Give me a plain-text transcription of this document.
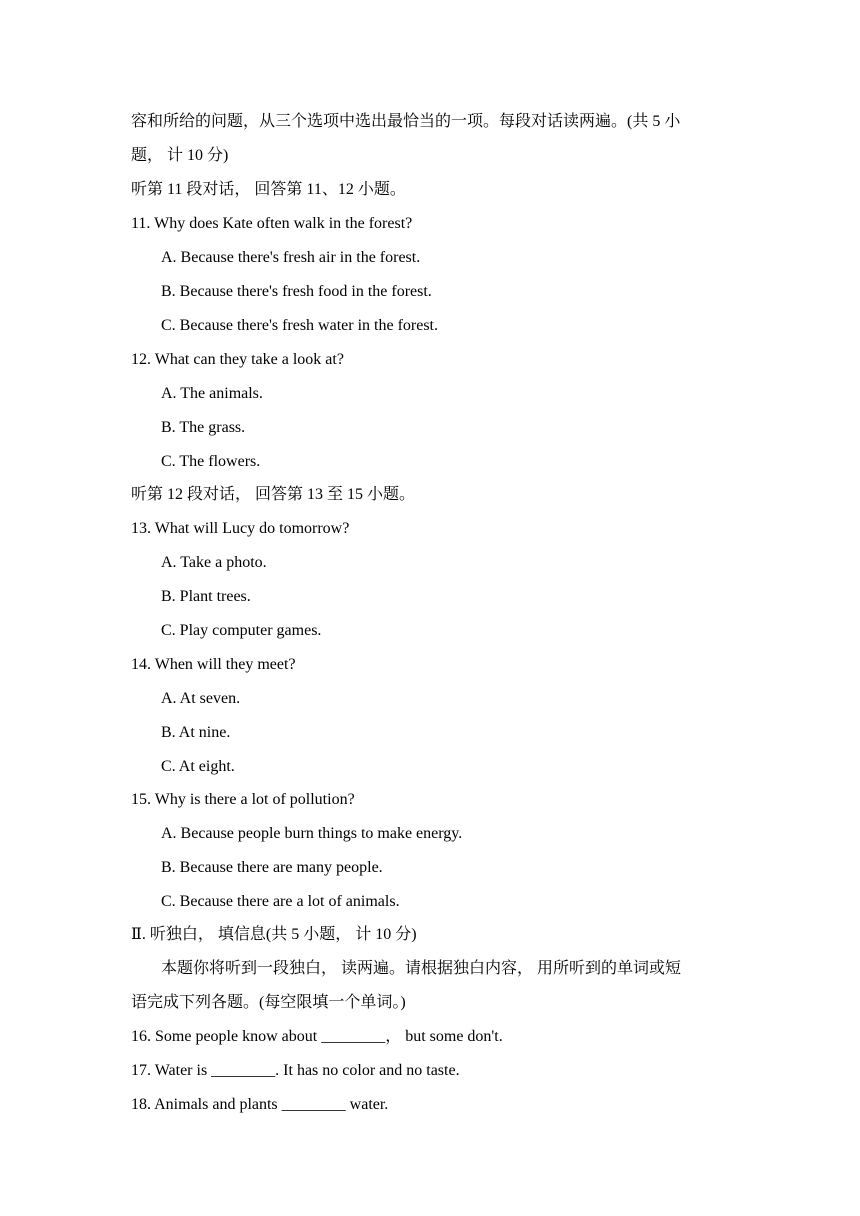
容和所给的问题，从三个选项中选出最恰当的一项。每段对话读两遍。(共 5 小
题， 计 10 分)
听第 11 段对话， 回答第 11、12 小题。
11. Why does Kate often walk in the forest?
A. Because there's fresh air in the forest.
B. Because there's fresh food in the forest.
C. Because there's fresh water in the forest.
12. What can they take a look at?
A. The animals.
B. The grass.
C. The flowers.
听第 12 段对话， 回答第 13 至 15 小题。
13. What will Lucy do tomorrow?
A. Take a photo.
B. Plant trees.
C. Play computer games.
14. When will they meet?
A. At seven.
B. At nine.
C. At eight.
15. Why is there a lot of pollution?
A. Because people burn things to make energy.
B. Because there are many people.
C. Because there are a lot of animals.
Ⅱ. 听独白， 填信息(共 5 小题， 计 10 分)
本题你将听到一段独白， 读两遍。请根据独白内容， 用所听到的单词或短
语完成下列各题。(每空限填一个单词。)
16. Some people know about ________， but some don't.
17. Water is ________. It has no color and no taste.
18. Animals and plants ________ water.
